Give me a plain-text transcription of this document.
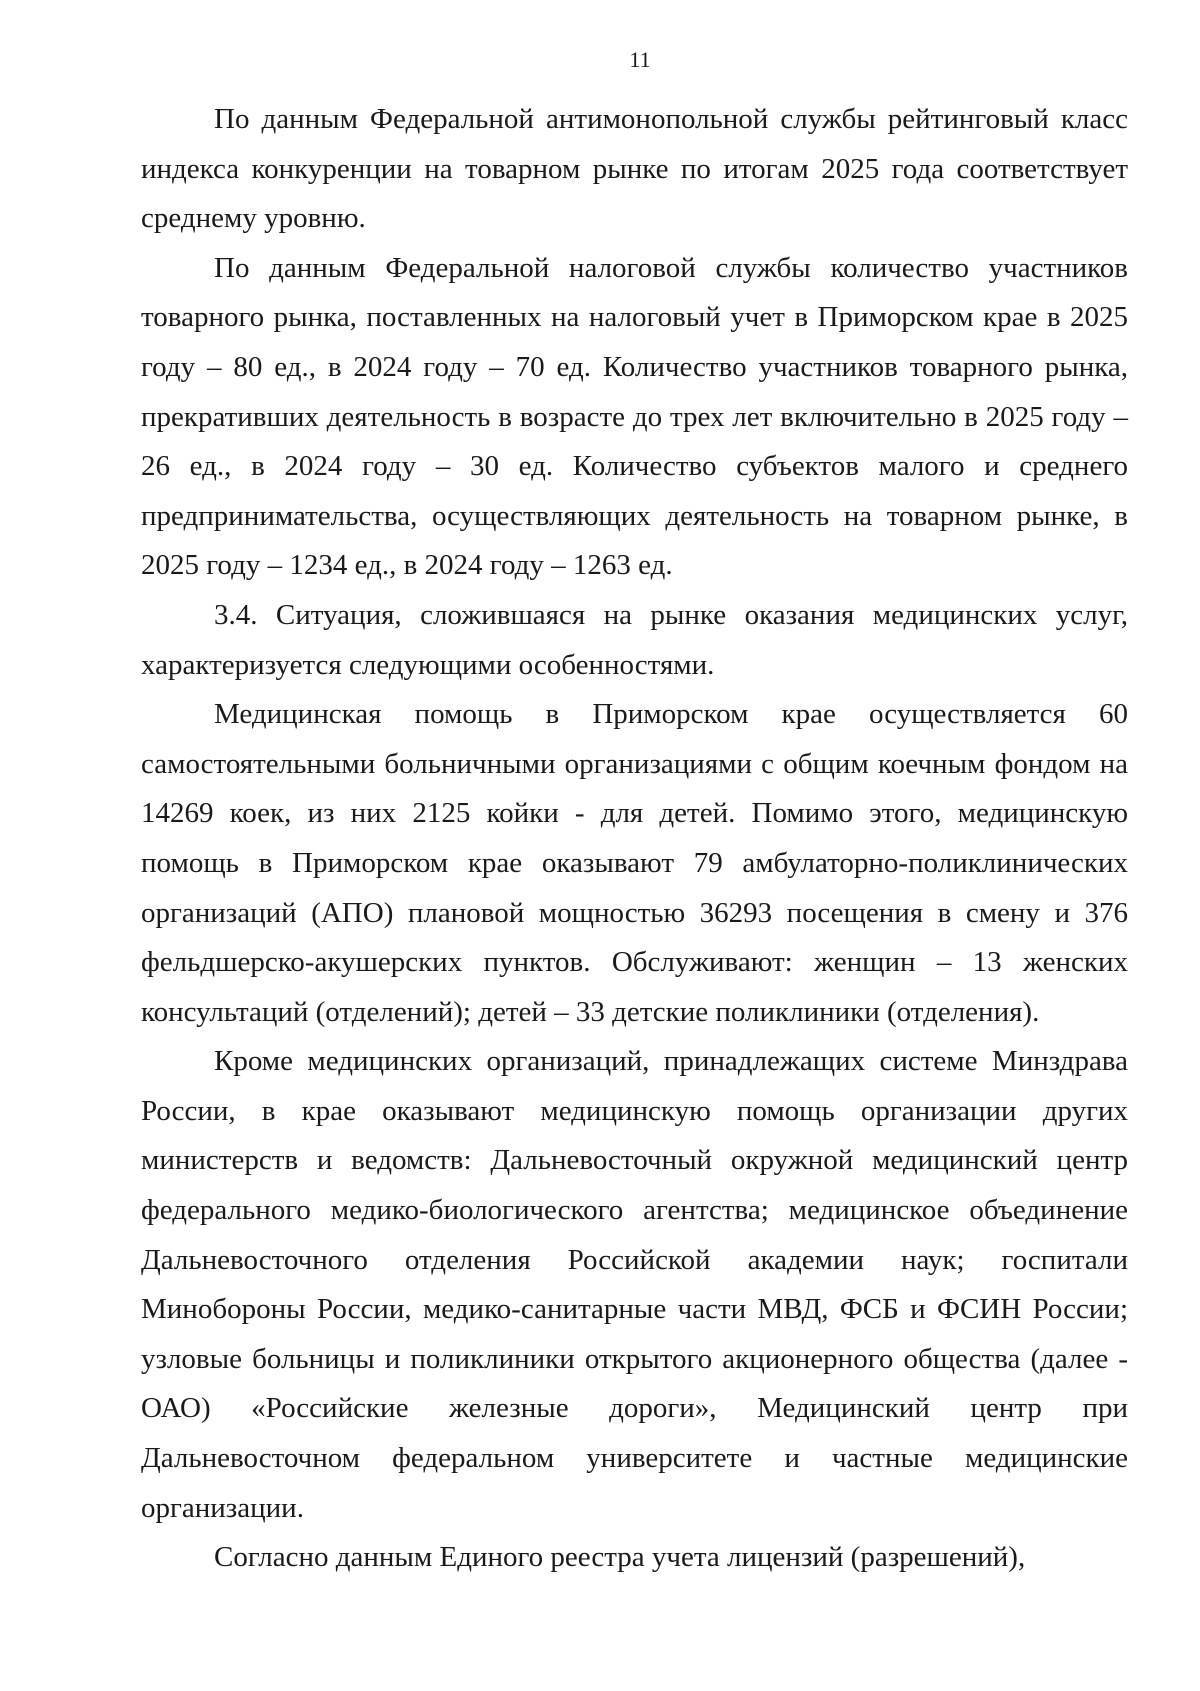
11

По данным Федеральной антимонопольной службы рейтинговый класс индекса конкуренции на товарном рынке по итогам 2025 года соответствует среднему уровню.

По данным Федеральной налоговой службы количество участников товарного рынка, поставленных на налоговый учет в Приморском крае в 2025 году – 80 ед., в 2024 году – 70 ед. Количество участников товарного рынка, прекративших деятельность в возрасте до трех лет включительно в 2025 году – 26 ед., в 2024 году – 30 ед. Количество субъектов малого и среднего предпринимательства, осуществляющих деятельность на товарном рынке, в 2025 году – 1234 ед., в 2024 году – 1263 ед.

3.4. Ситуация, сложившаяся на рынке оказания медицинских услуг, характеризуется следующими особенностями.

Медицинская помощь в Приморском крае осуществляется 60 самостоятельными больничными организациями с общим коечным фондом на 14269 коек, из них 2125 койки - для детей. Помимо этого, медицинскую помощь в Приморском крае оказывают 79 амбулаторно-поликлинических организаций (АПО) плановой мощностью 36293 посещения в смену и 376 фельдшерско-акушерских пунктов. Обслуживают: женщин – 13 женских консультаций (отделений); детей – 33 детские поликлиники (отделения).

Кроме медицинских организаций, принадлежащих системе Минздрава России, в крае оказывают медицинскую помощь организации других министерств и ведомств: Дальневосточный окружной медицинский центр федерального медико-биологического агентства; медицинское объединение Дальневосточного отделения Российской академии наук; госпитали Минобороны России, медико-санитарные части МВД, ФСБ и ФСИН России; узловые больницы и поликлиники открытого акционерного общества (далее - ОАО) «Российские железные дороги», Медицинский центр при Дальневосточном федеральном университете и частные медицинские организации.

Согласно данным Единого реестра учета лицензий (разрешений),
